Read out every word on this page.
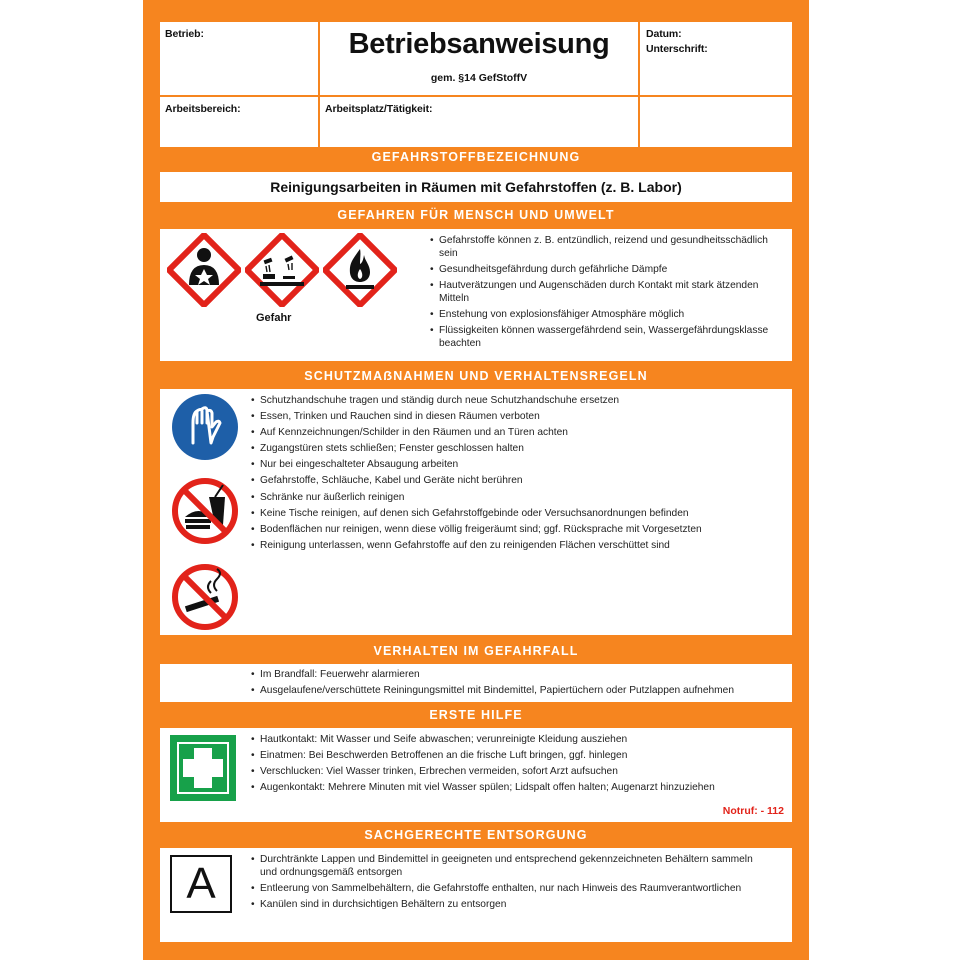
Betrieb:	Betriebsanweisung
gem. §14 GefStoffV
Datum:
Unterschrift:
Arbeitsbereich:	Arbeitsplatz/Tätigkeit:
GEFAHRSTOFFBEZEICHNUNG
Reinigungsarbeiten in Räumen mit Gefahrstoffen (z. B. Labor)
GEFAHREN FÜR MENSCH UND UMWELT
Gefahr
• Gefahrstoffe können z. B. entzündlich, reizend und gesundheitsschädlich sein
• Gesundheitsgefährdung durch gefährliche Dämpfe
• Hautverätzungen und Augenschäden durch Kontakt mit stark ätzenden Mitteln
• Enstehung von explosionsfähiger Atmosphäre möglich
• Flüssigkeiten können wassergefährdend sein, Wassergefährdungsklasse beachten
SCHUTZMAẞNAHMEN UND VERHALTENSREGELN
• Schutzhandschuhe tragen und ständig durch neue Schutzhandschuhe ersetzen
• Essen, Trinken und Rauchen sind in diesen Räumen verboten
• Auf Kennzeichnungen/Schilder in den Räumen und an Türen achten
• Zugangstüren stets schließen; Fenster geschlossen halten
• Nur bei eingeschalteter Absaugung arbeiten
• Gefahrstoffe, Schläuche, Kabel und Geräte nicht berühren
• Schränke nur äußerlich reinigen
• Keine Tische reinigen, auf denen sich Gefahrstoffgebinde oder Versuchsanordnungen befinden
• Bodenflächen nur reinigen, wenn diese völlig freigeräumt sind; ggf. Rücksprache mit Vorgesetzten
• Reinigung unterlassen, wenn Gefahrstoffe auf den zu reinigenden Flächen verschüttet sind
VERHALTEN IM GEFAHRFALL
• Im Brandfall: Feuerwehr alarmieren
• Ausgelaufene/verschüttete Reiningungsmittel mit Bindemittel, Papiertüchern oder Putzlappen aufnehmen
ERSTE HILFE
• Hautkontakt: Mit Wasser und Seife abwaschen; verunreinigte Kleidung ausziehen
• Einatmen: Bei Beschwerden Betroffenen an die frische Luft bringen, ggf. hinlegen
• Verschlucken: Viel Wasser trinken, Erbrechen vermeiden, sofort Arzt aufsuchen
• Augenkontakt: Mehrere Minuten mit viel Wasser spülen; Lidspalt offen halten; Augenarzt hinzuziehen
Notruf: - 112
SACHGERECHTE ENTSORGUNG
A
•	Durchtränkte Lappen und Bindemittel in geeigneten und entsprechend gekennzeichneten Behältern sammeln und ordnungsgemäß entsorgen
• Entleerung von Sammelbehältern, die Gefahrstoffe enthalten, nur nach Hinweis des Raumverantwortlichen
• Kanülen sind in durchsichtigen Behältern zu entsorgen
